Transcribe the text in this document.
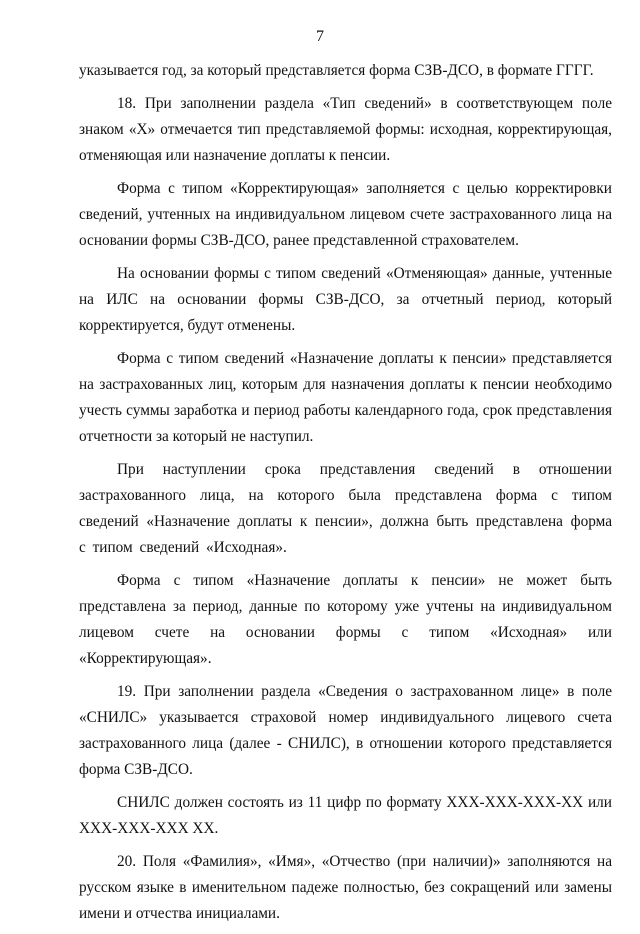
7

указывается год, за который представляется форма СЗВ-ДСО, в формате ГГГГ.

18. При заполнении раздела «Тип сведений» в соответствующем поле знаком «Х» отмечается тип представляемой формы: исходная, корректирующая, отменяющая или назначение доплаты к пенсии.

Форма с типом «Корректирующая» заполняется с целью корректировки сведений, учтенных на индивидуальном лицевом счете застрахованного лица на основании формы СЗВ-ДСО, ранее представленной страхователем.

На основании формы с типом сведений «Отменяющая» данные, учтенные на ИЛС на основании формы СЗВ-ДСО, за отчетный период, который корректируется, будут отменены.

Форма с типом сведений «Назначение доплаты к пенсии» представляется на застрахованных лиц, которым для назначения доплаты к пенсии необходимо учесть суммы заработка и период работы календарного года, срок представления отчетности за который не наступил.

При наступлении срока представления сведений в отношении застрахованного лица, на которого была представлена форма с типом сведений «Назначение доплаты к пенсии», должна быть представлена форма с типом сведений «Исходная».

Форма с типом «Назначение доплаты к пенсии» не может быть представлена за период, данные по которому уже учтены на индивидуальном лицевом счете на основании формы с типом «Исходная» или «Корректирующая».

19. При заполнении раздела «Сведения о застрахованном лице» в поле «СНИЛС» указывается страховой номер индивидуального лицевого счета застрахованного лица (далее - СНИЛС), в отношении которого представляется форма СЗВ-ДСО.

СНИЛС должен состоять из 11 цифр по формату XXX-XXX-XXX-XX или XXX-XXX-XXX XX.

20. Поля «Фамилия», «Имя», «Отчество (при наличии)» заполняются на русском языке в именительном падеже полностью, без сокращений или замены имени и отчества инициалами.
